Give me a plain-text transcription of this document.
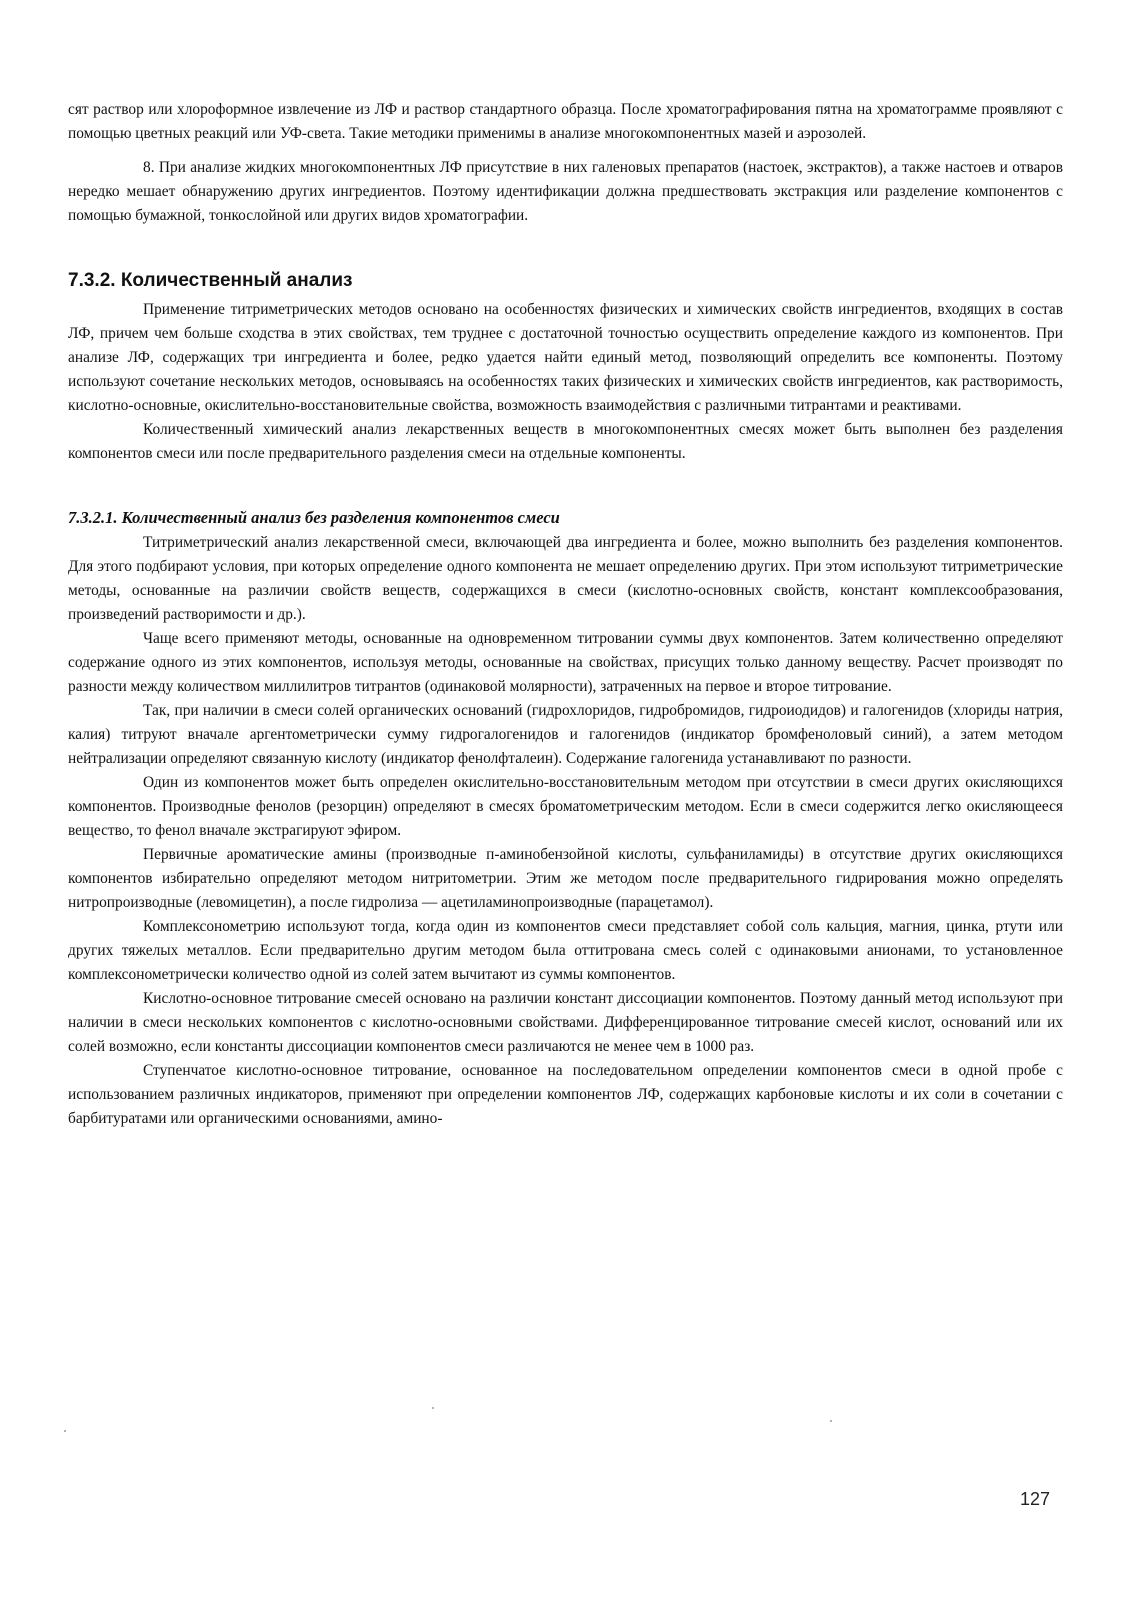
сят раствор или хлороформное извлечение из ЛФ и раствор стандартного образца. После хроматографирования пятна на хроматограмме проявляют с помощью цветных реакций или УФ-света. Такие методики применимы в анализе многокомпонентных мазей и аэрозолей.

8. При анализе жидких многокомпонентных ЛФ присутствие в них галеновых препаратов (настоек, экстрактов), а также настоев и отваров нередко мешает обнаружению других ингредиентов. Поэтому идентификации должна предшествовать экстракция или разделение компонентов с помощью бумажной, тонкослойной или других видов хроматографии.

7.3.2. Количественный анализ

Применение титриметрических методов основано на особенностях физических и химических свойств ингредиентов, входящих в состав ЛФ, причем чем больше сходства в этих свойствах, тем труднее с достаточной точностью осуществить определение каждого из компонентов. При анализе ЛФ, содержащих три ингредиента и более, редко удается найти единый метод, позволяющий определить все компоненты. Поэтому используют сочетание нескольких методов, основываясь на особенностях таких физических и химических свойств ингредиентов, как растворимость, кислотно-основные, окислительно-восстановительные свойства, возможность взаимодействия с различными титрантами и реактивами.

Количественный химический анализ лекарственных веществ в многокомпонентных смесях может быть выполнен без разделения компонентов смеси или после предварительного разделения смеси на отдельные компоненты.

7.3.2.1. Количественный анализ без разделения компонентов смеси

Титриметрический анализ лекарственной смеси, включающей два ингредиента и более, можно выполнить без разделения компонентов. Для этого подбирают условия, при которых определение одного компонента не мешает определению других. При этом используют титриметрические методы, основанные на различии свойств веществ, содержащихся в смеси (кислотно-основных свойств, констант комплексообразования, произведений растворимости и др.).

Чаще всего применяют методы, основанные на одновременном титровании суммы двух компонентов. Затем количественно определяют содержание одного из этих компонентов, используя методы, основанные на свойствах, присущих только данному веществу. Расчет производят по разности между количеством миллилитров титрантов (одинаковой молярности), затраченных на первое и второе титрование.

Так, при наличии в смеси солей органических оснований (гидрохлоридов, гидробромидов, гидроиодидов) и галогенидов (хлориды натрия, калия) титруют вначале аргентометрически сумму гидрогалогенидов и галогенидов (индикатор бромфеноловый синий), а затем методом нейтрализации определяют связанную кислоту (индикатор фенолфталеин). Содержание галогенида устанавливают по разности.

Один из компонентов может быть определен окислительно-восстановительным методом при отсутствии в смеси других окисляющихся компонентов. Производные фенолов (резорцин) определяют в смесях броматометрическим методом. Если в смеси содержится легко окисляющееся вещество, то фенол вначале экстрагируют эфиром.

Первичные ароматические амины (производные п-аминобензойной кислоты, сульфаниламиды) в отсутствие других окисляющихся компонентов избирательно определяют методом нитритометрии. Этим же методом после предварительного гидрирования можно определять нитропроизводные (левомицетин), а после гидролиза — ацетиламинопроизводные (парацетамол).

Комплексонометрию используют тогда, когда один из компонентов смеси представляет собой соль кальция, магния, цинка, ртути или других тяжелых металлов. Если предварительно другим методом была оттитрована смесь солей с одинаковыми анионами, то установленное комплексонометрически количество одной из солей затем вычитают из суммы компонентов.

Кислотно-основное титрование смесей основано на различии констант диссоциации компонентов. Поэтому данный метод используют при наличии в смеси нескольких компонентов с кислотно-основными свойствами. Дифференцированное титрование смесей кислот, оснований или их солей возможно, если константы диссоциации компонентов смеси различаются не менее чем в 1000 раз.

Ступенчатое кислотно-основное титрование, основанное на последовательном определении компонентов смеси в одной пробе с использованием различных индикаторов, применяют при определении компонентов ЛФ, содержащих карбоновые кислоты и их соли в сочетании с барбитуратами или органическими основаниями, амино-

127
